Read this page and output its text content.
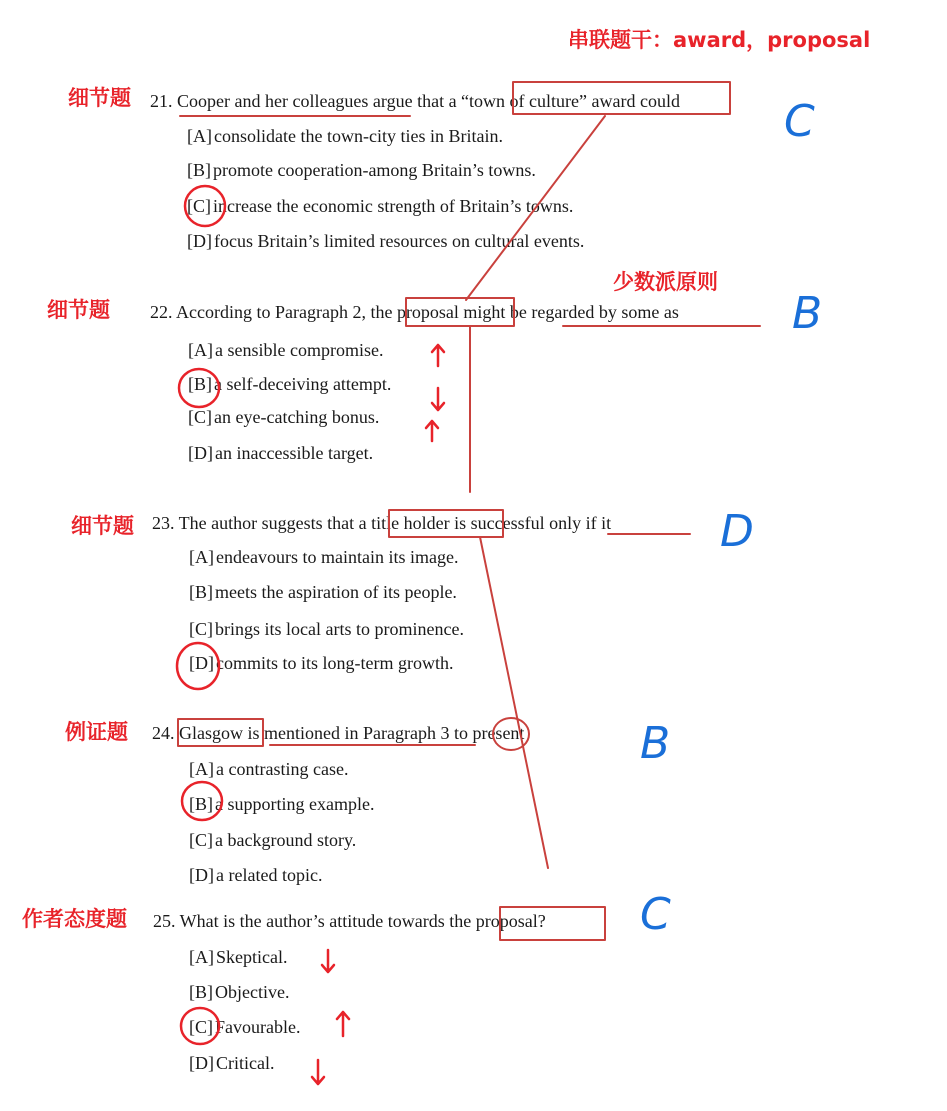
串联题干：award，proposal
细节题 21. Cooper and her colleagues argue that a “town of culture” award could C
[A] consolidate the town-city ties in Britain.
[B] promote cooperation-among Britain’s towns.
[C] increase the economic strength of Britain’s towns.
[D] focus Britain’s limited resources on cultural events.
少数派原则
细节题 22. According to Paragraph 2, the proposal might be regarded by some as	B
[A] a sensible compromise.
[B] a self-deceiving attempt.
[C] an eye-catching bonus.
[D] an inaccessible target.
细节题 23. The author suggests that a title holder is successful only if it D
[A] endeavours to maintain its image.
[B] meets the aspiration of its people.
[C] brings its local arts to prominence.
[D] commits to its long-term growth.
例证题 24. Glasgow is mentioned in Paragraph 3 to present	B
[A] a contrasting case.
[B] a supporting example.
[C] a background story.
[D] a related topic.
作者态度题 25. What is the author’s attitude towards the proposal? C
[A] Skeptical.
[B] Objective.
[C] Favourable.
[D] Critical.
